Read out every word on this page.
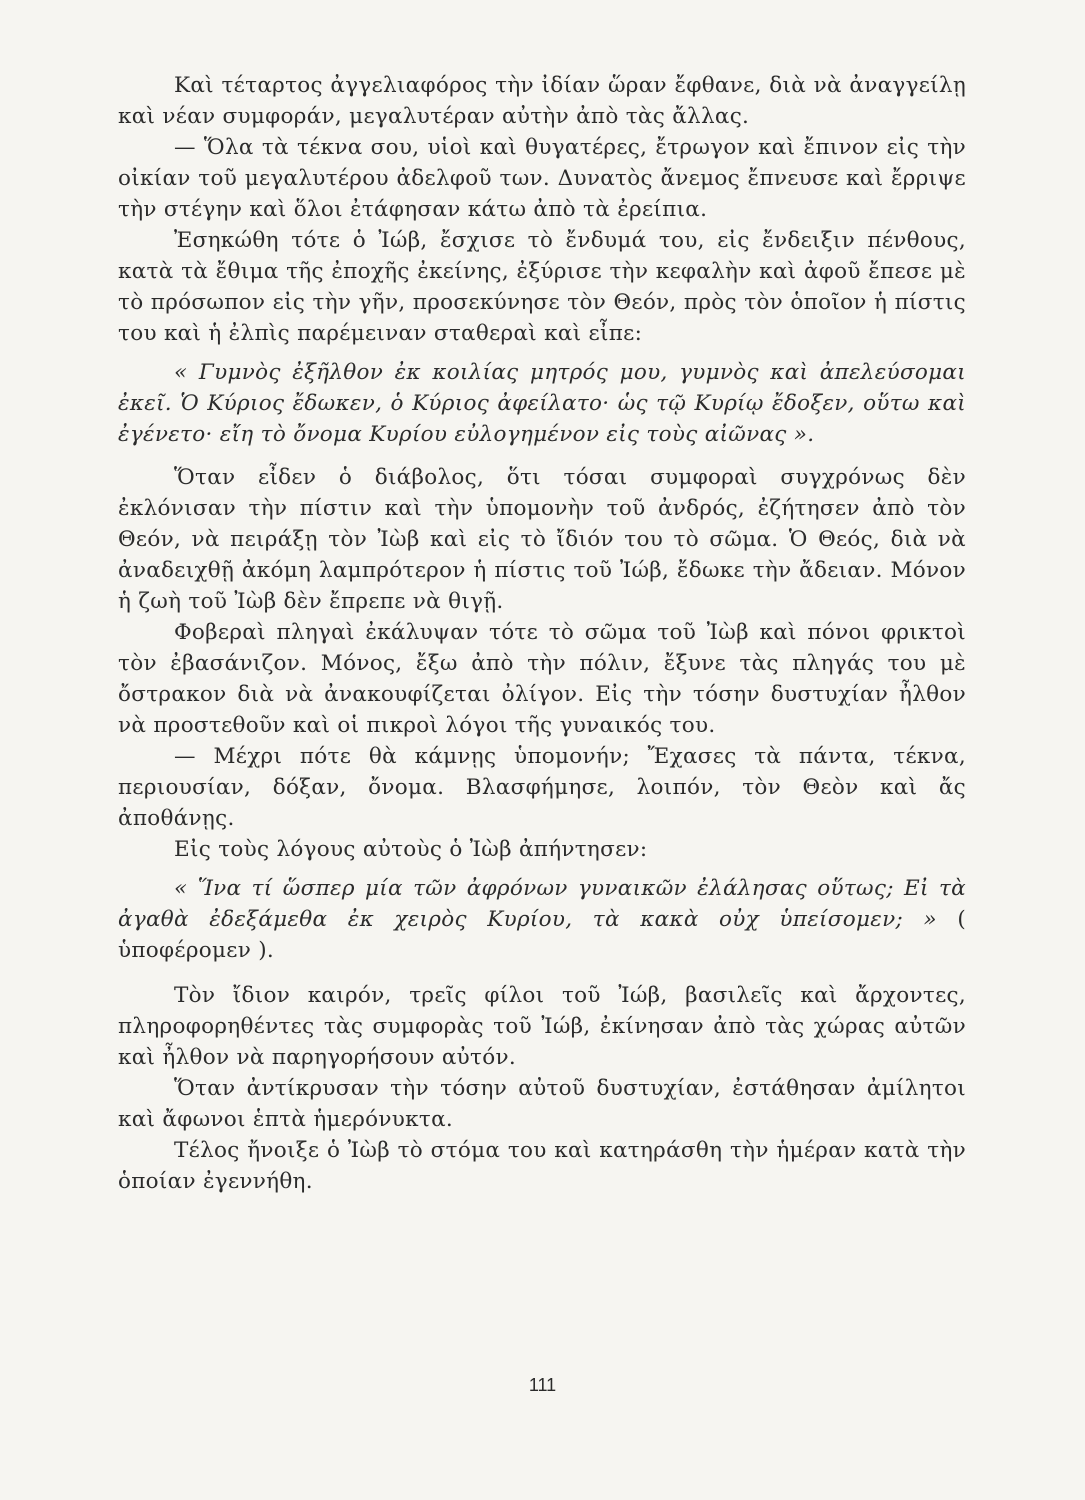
Καὶ τέταρτος ἀγγελιαφόρος τὴν ἰδίαν ὥραν ἔφθανε, διὰ νὰ ἀναγγείλῃ καὶ νέαν συμφοράν, μεγαλυτέραν αὐτὴν ἀπὸ τὰς ἄλλας.

— Ὅλα τὰ τέκνα σου, υἱοὶ καὶ θυγατέρες, ἔτρωγον καὶ ἔπινον εἰς τὴν οἰκίαν τοῦ μεγαλυτέρου ἀδελφοῦ των. Δυνατὸς ἄνεμος ἔπνευσε καὶ ἔρριψε τὴν στέγην καὶ ὅλοι ἐτάφησαν κάτω ἀπὸ τὰ ἐρείπια.

Ἐσηκώθη τότε ὁ Ἰώβ, ἔσχισε τὸ ἔνδυμά του, εἰς ἔνδειξιν πένθους, κατὰ τὰ ἔθιμα τῆς ἐποχῆς ἐκείνης, ἐξύρισε τὴν κεφαλὴν καὶ ἀφοῦ ἔπεσε μὲ τὸ πρόσωπον εἰς τὴν γῆν, προσεκύνησε τὸν Θεόν, πρὸς τὸν ὁποῖον ἡ πίστις του καὶ ἡ ἐλπὶς παρέμειναν σταθεραὶ καὶ εἶπε:

« Γυμνὸς ἐξῆλθον ἐκ κοιλίας μητρός μου, γυμνὸς καὶ ἀπελεύσομαι ἐκεῖ. Ὁ Κύριος ἔδωκεν, ὁ Κύριος ἀφείλατο· ὡς τῷ Κυρίῳ ἔδοξεν, οὕτω καὶ ἐγένετο· εἴη τὸ ὄνομα Κυρίου εὐλογημένον εἰς τοὺς αἰῶνας ».

Ὅταν εἶδεν ὁ διάβολος, ὅτι τόσαι συμφοραὶ συγχρόνως δὲν ἐκλόνισαν τὴν πίστιν καὶ τὴν ὑπομονὴν τοῦ ἀνδρός, ἐζήτησεν ἀπὸ τὸν Θεόν, νὰ πειράξῃ τὸν Ἰὼβ καὶ εἰς τὸ ἴδιόν του τὸ σῶμα. Ὁ Θεός, διὰ νὰ ἀναδειχθῇ ἀκόμη λαμπρότερον ἡ πίστις τοῦ Ἰώβ, ἔδωκε τὴν ἄδειαν. Μόνον ἡ ζωὴ τοῦ Ἰὼβ δὲν ἔπρεπε νὰ θιγῇ.

Φοβεραὶ πληγαὶ ἐκάλυψαν τότε τὸ σῶμα τοῦ Ἰὼβ καὶ πόνοι φρικτοὶ τὸν ἐβασάνιζον. Μόνος, ἔξω ἀπὸ τὴν πόλιν, ἔξυνε τὰς πληγάς του μὲ ὄστρακον διὰ νὰ ἀνακουφίζεται ὀλίγον. Εἰς τὴν τόσην δυστυχίαν ἦλθον νὰ προστεθοῦν καὶ οἱ πικροὶ λόγοι τῆς γυναικός του.

— Μέχρι πότε θὰ κάμνῃς ὑπομονήν; Ἔχασες τὰ πάντα, τέκνα, περιουσίαν, δόξαν, ὄνομα. Βλασφήμησε, λοιπόν, τὸν Θεὸν καὶ ἄς ἀποθάνῃς.

Εἰς τοὺς λόγους αὐτοὺς ὁ Ἰὼβ ἀπήντησεν:

« Ἵνα τί ὥσπερ μία τῶν ἀφρόνων γυναικῶν ἐλάλησας οὕτως; Εἰ τὰ ἀγαθὰ ἐδεξάμεθα ἐκ χειρὸς Κυρίου, τὰ κακὰ οὐχ ὑπείσομεν; » ( ὑποφέρομεν ).

Τὸν ἴδιον καιρόν, τρεῖς φίλοι τοῦ Ἰώβ, βασιλεῖς καὶ ἄρχοντες, πληροφορηθέντες τὰς συμφορὰς τοῦ Ἰώβ, ἐκίνησαν ἀπὸ τὰς χώρας αὐτῶν καὶ ἦλθον νὰ παρηγορήσουν αὐτόν.

Ὅταν ἀντίκρυσαν τὴν τόσην αὐτοῦ δυστυχίαν, ἐστάθησαν ἀμίλητοι καὶ ἄφωνοι ἑπτὰ ἡμερόνυκτα.

Τέλος ἤνοιξε ὁ Ἰὼβ τὸ στόμα του καὶ κατηράσθη τὴν ἡμέραν κατὰ τὴν ὁποίαν ἐγεννήθη.

111
